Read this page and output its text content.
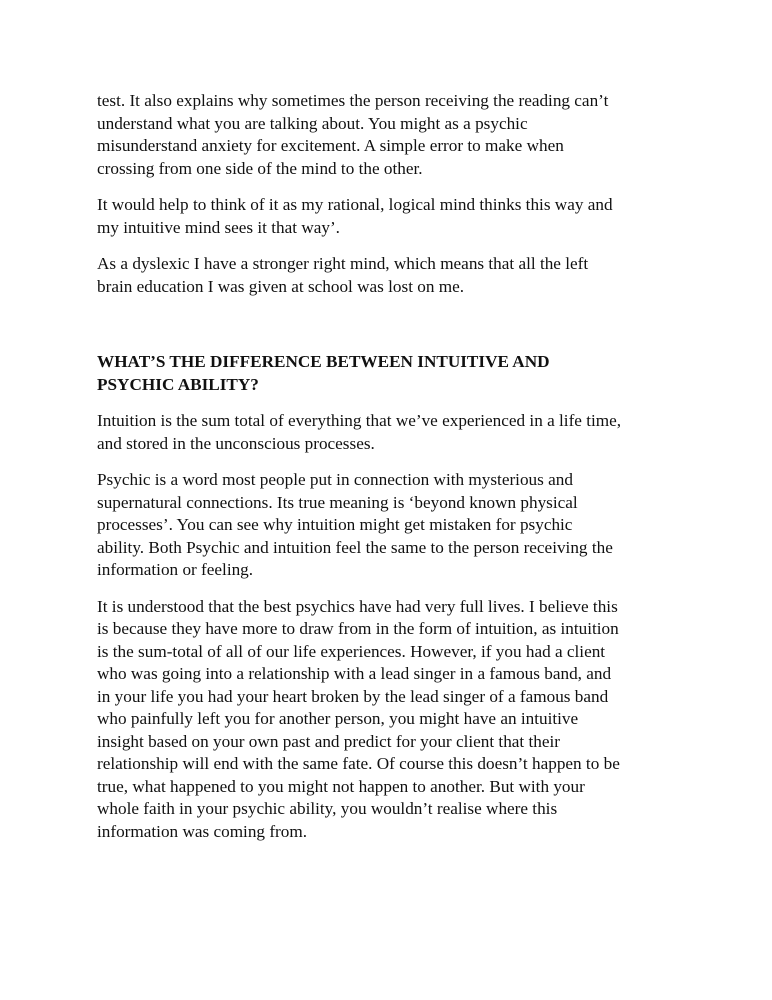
test. It also explains why sometimes the person receiving the reading can’t
understand what you are talking about. You might as a psychic
misunderstand anxiety for excitement. A simple error to make when
crossing from one side of the mind to the other.

It would help to think of it as my rational, logical mind thinks this way and
my intuitive mind sees it that way’.

As a dyslexic I have a stronger right mind, which means that all the left
brain education I was given at school was lost on me.

WHAT’S THE DIFFERENCE BETWEEN INTUITIVE AND
PSYCHIC ABILITY?

Intuition is the sum total of everything that we’ve experienced in a life time,
and stored in the unconscious processes.

Psychic is a word most people put in connection with mysterious and
supernatural connections. Its true meaning is ‘beyond known physical
processes’. You can see why intuition might get mistaken for psychic
ability. Both Psychic and intuition feel the same to the person receiving the
information or feeling.

It is understood that the best psychics have had very full lives. I believe this
is because they have more to draw from in the form of intuition, as intuition
is the sum-total of all of our life experiences. However, if you had a client
who was going into a relationship with a lead singer in a famous band, and
in your life you had your heart broken by the lead singer of a famous band
who painfully left you for another person, you might have an intuitive
insight based on your own past and predict for your client that their
relationship will end with the same fate. Of course this doesn’t happen to be
true, what happened to you might not happen to another. But with your
whole faith in your psychic ability, you wouldn’t realise where this
information was coming from.
